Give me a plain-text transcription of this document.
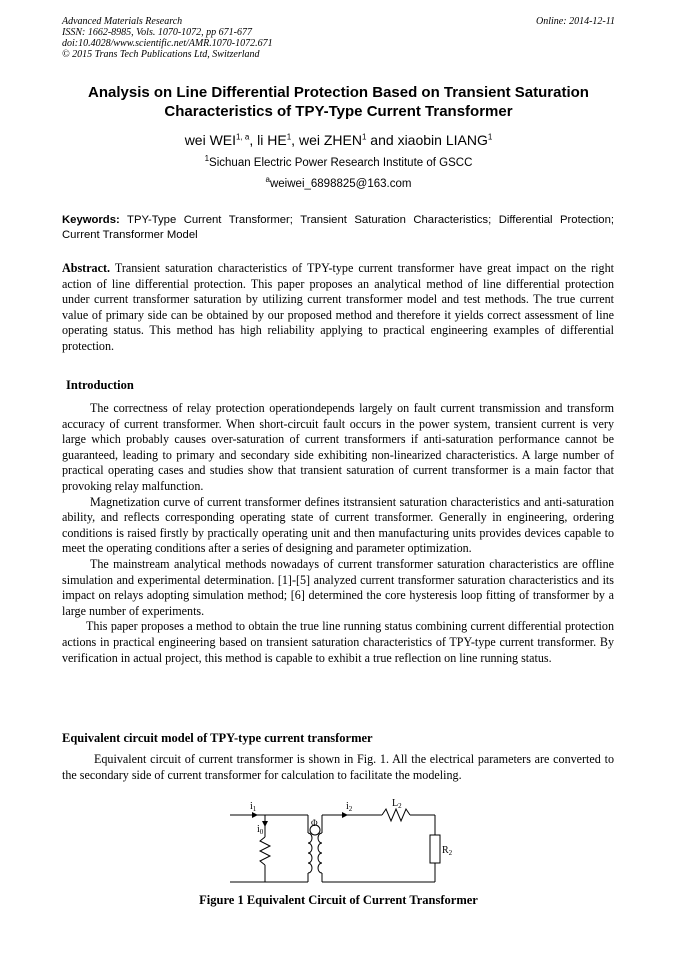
Advanced Materials Research
ISSN: 1662-8985, Vols. 1070-1072, pp 671-677
doi:10.4028/www.scientific.net/AMR.1070-1072.671
© 2015 Trans Tech Publications Ltd, Switzerland
Online: 2014-12-11
Analysis on Line Differential Protection Based on Transient Saturation
Characteristics of TPY-Type Current Transformer
wei WEI$^{1, a}$, li $HE^1$, wei ZHEN$^1$ and xiaobin LIANG$^1$
$^1$Sichuan Electric Power Research Institute of GSCC
$^a$weiwei_6898825@163.com
Keywords: TPY-Type Current Transformer; Transient Saturation Characteristics; Differential Protection; Current Transformer Model
Abstract. Transient saturation characteristics of TPY-type current transformer have great impact on the right action of line differential protection. This paper proposes an analytical method of line differential protection under current transformer saturation by utilizing current transformer model and test methods. The true current value of primary side can be obtained by our proposed method and therefore it yields correct assessment of line operating status. This method has high reliability applying to practical engineering examples of differential protection.
Introduction

The correctness of relay protection operationdepends largely on fault current transmission and transform accuracy of current transformer. When short-circuit fault occurs in the power system, transient current is very large which probably causes over-saturation of current transformers if anti-saturation performance cannot be guaranteed, leading to primary and secondary side exhibiting non-linearized characteristics. A large number of practical operating cases and studies show that transient saturation of current transformer is a main factor that provoking relay malfunction.

Magnetization curve of current transformer defines itstransient saturation characteristics and anti-saturation ability, and reflects corresponding operating state of current transformer. Generally in engineering, ordering conditions is raised firstly by practically operating unit and then manufacturing units provides devices capable to meet the operating conditions after a series of designing and parameter optimization.

The mainstream analytical methods nowadays of current transformer saturation characteristics are offline simulation and experimental determination. [1]-[5] analyzed current transformer saturation characteristics and its impact on relays adopting simulation method; [6] determined the core hysteresis loop fitting of transformer by a large number of experiments.

This paper proposes a method to obtain the true line running status combining current differential protection actions in practical engineering based on transient saturation characteristics of TPY-type current transformer. By verification in actual project, this method is capable to exhibit a true reflection on line running status.

Equivalent circuit model of TPY-type current transformer

Equivalent circuit of current transformer is shown in Fig. 1. All the electrical parameters are converted to the secondary side of current transformer for calculation to facilitate the modeling.

$i_1$
$i_0$
Φ
$i_2$	$L_2$
$R_2$
Figure 1 Equivalent Circuit of Current Transformer
